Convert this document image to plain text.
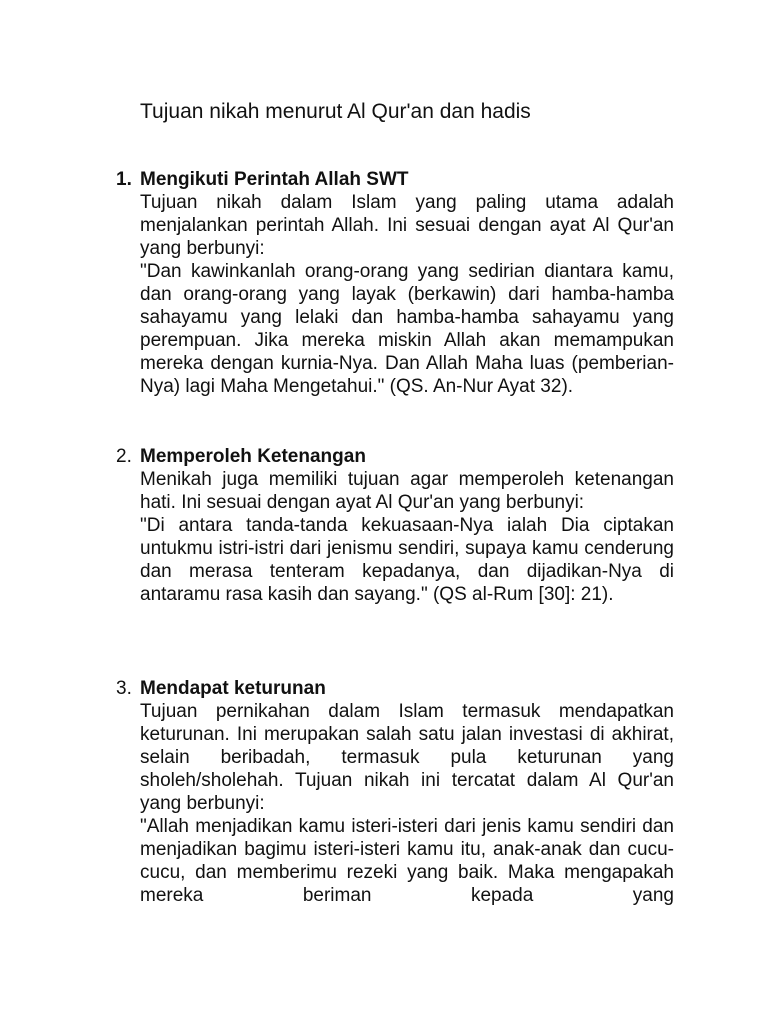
Tujuan nikah menurut Al Qur'an dan hadis
1. Mengikuti Perintah Allah SWT

Tujuan nikah dalam Islam yang paling utama adalah menjalankan perintah Allah. Ini sesuai dengan ayat Al Qur'an yang berbunyi:

"Dan kawinkanlah orang-orang yang sedirian diantara kamu, dan orang-orang yang layak (berkawin) dari hamba-hamba sahayamu yang lelaki dan hamba-hamba sahayamu yang perempuan. Jika mereka miskin Allah akan memampukan mereka dengan kurnia-Nya. Dan Allah Maha luas (pemberian-Nya) lagi Maha Mengetahui." (QS. An-Nur Ayat 32).

2. Memperoleh Ketenangan

Menikah juga memiliki tujuan agar memperoleh ketenangan hati. Ini sesuai dengan ayat Al Qur'an yang berbunyi:

"Di antara tanda-tanda kekuasaan-Nya ialah Dia ciptakan untukmu istri-istri dari jenismu sendiri, supaya kamu cenderung dan merasa tenteram kepadanya, dan dijadikan-Nya di antaramu rasa kasih dan sayang." (QS al-Rum [30]: 21).

3. Mendapat keturunan

Tujuan pernikahan dalam Islam termasuk mendapatkan keturunan. Ini merupakan salah satu jalan investasi di akhirat, selain beribadah, termasuk pula keturunan yang sholeh/sholehah. Tujuan nikah ini tercatat dalam Al Qur'an yang berbunyi:

"Allah menjadikan kamu isteri-isteri dari jenis kamu sendiri dan menjadikan bagimu isteri-isteri kamu itu, anak-anak dan cucu-cucu, dan memberimu rezeki yang baik. Maka mengapakah mereka beriman kepada yang
